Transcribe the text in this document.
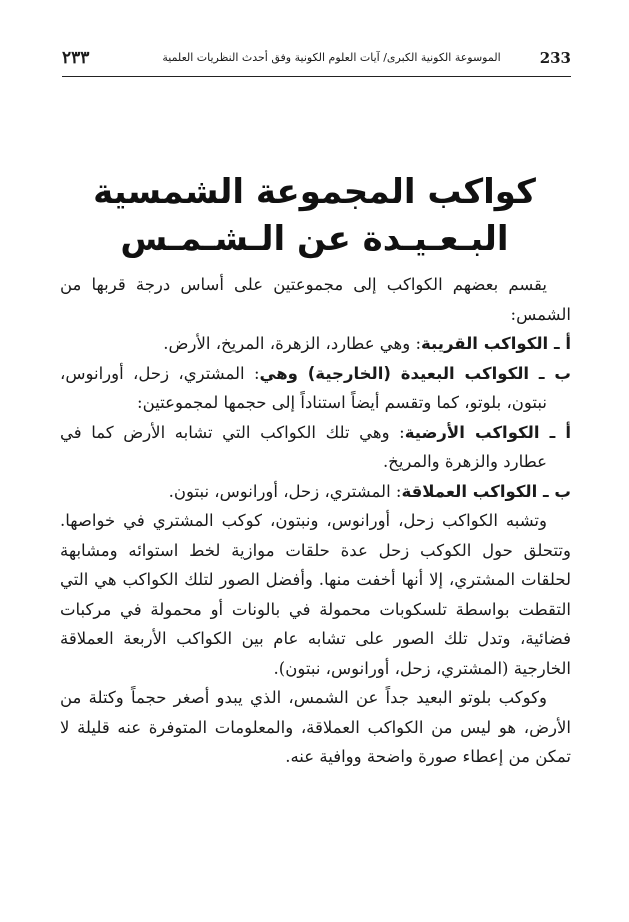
٢٣٣	الموسوعة الكونية الكبرى/ آيات العلوم الكونية وفق أحدث النظريات العلمية	233
كواكب المجموعة الشمسية
البـعـيـدة عن الـشـمـس

يقسم بعضهم الكواكب إلى مجموعتين على أساس درجة قربها من الشمس:

أ ـ الكواكب القريبة: وهي عطارد، الزهرة، المريخ، الأرض.

ب ـ الكواكب البعيدة (الخارجية) وهي: المشتري، زحل، أورانوس، نبتون، بلوتو، كما وتقسم أيضاً استناداً إلى حجمها لمجموعتين:

أ ـ الكواكب الأرضية: وهي تلك الكواكب التي تشابه الأرض كما في عطارد والزهرة والمريخ.

ب ـ الكواكب العملاقة: المشتري، زحل، أورانوس، نبتون.

وتشبه الكواكب زحل، أورانوس، ونبتون، كوكب المشتري في خواصها. وتتحلق حول الكوكب زحل عدة حلقات موازية لخط استوائه ومشابهة لحلقات المشتري، إلا أنها أخفت منها. وأفضل الصور لتلك الكواكب هي التي التقطت بواسطة تلسكوبات محمولة في بالونات أو محمولة في مركبات فضائية، وتدل تلك الصور على تشابه عام بين الكواكب الأربعة العملاقة الخارجية (المشتري، زحل، أورانوس، نبتون).

وكوكب بلوتو البعيد جداً عن الشمس، الذي يبدو أصغر حجماً وكتلة من الأرض، هو ليس من الكواكب العملاقة، والمعلومات المتوفرة عنه قليلة لا تمكن من إعطاء صورة واضحة ووافية عنه.
